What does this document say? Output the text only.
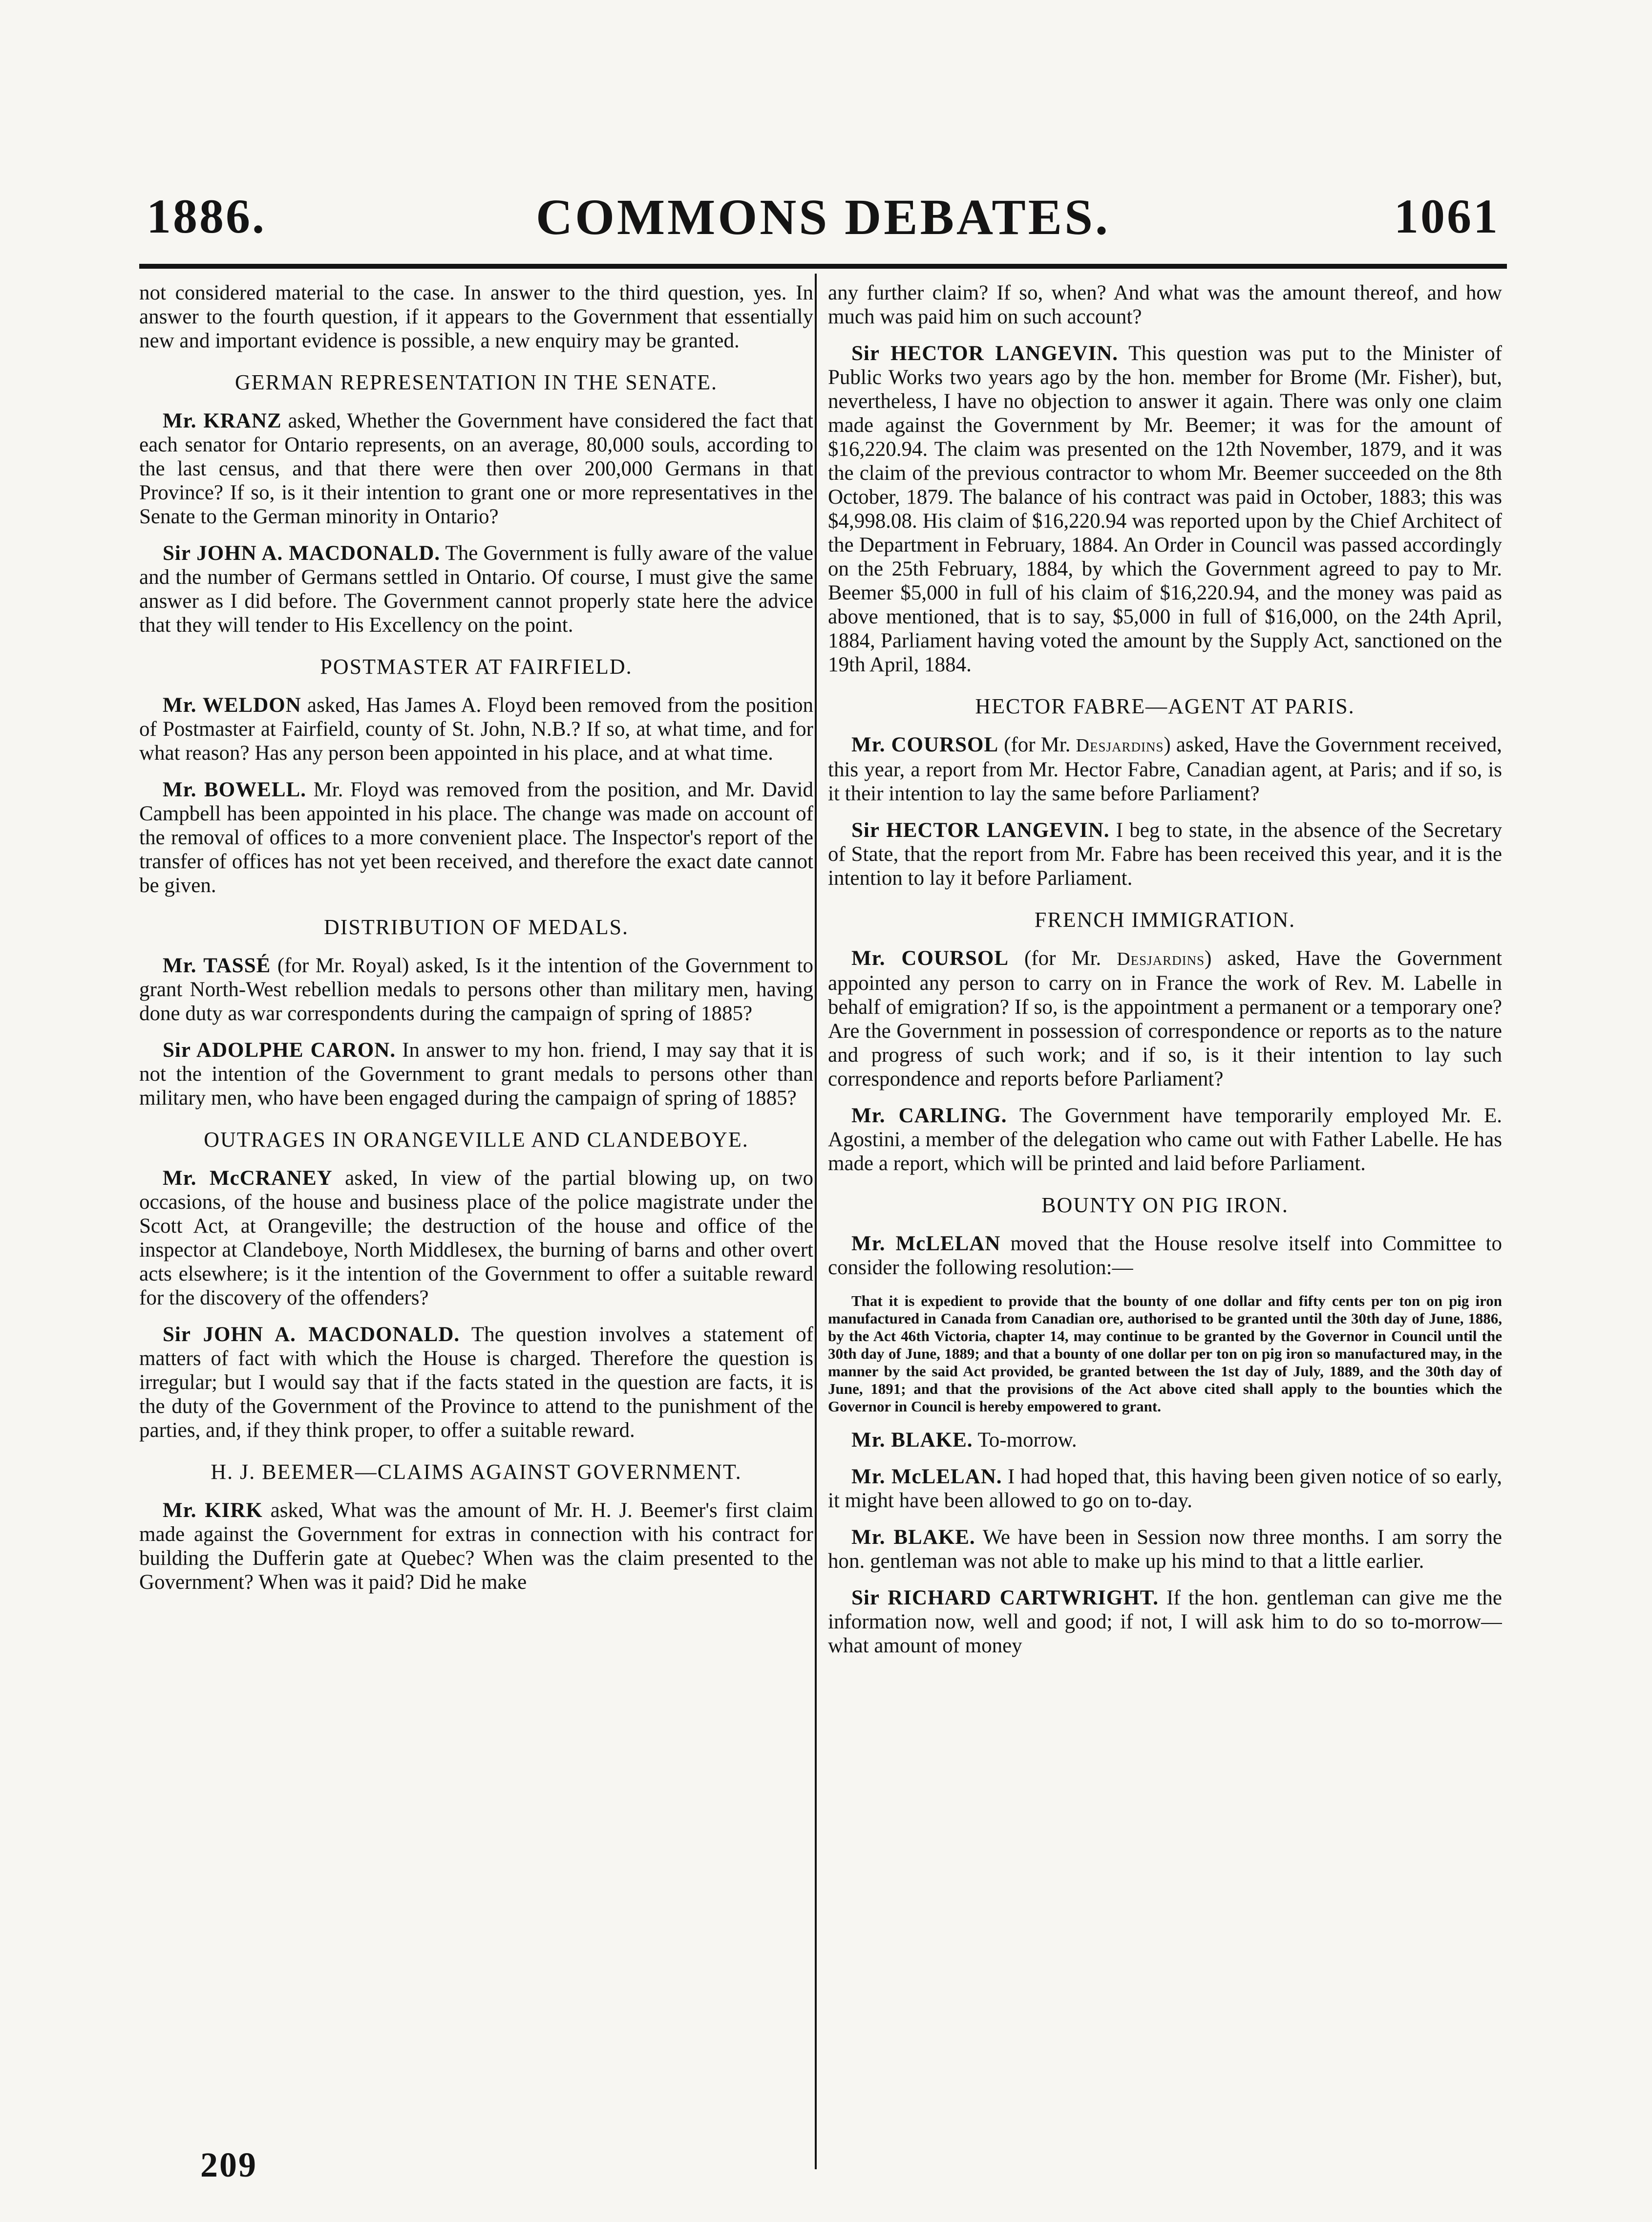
1886.	COMMONS DEBATES.	1061

not considered material to the case. In answer to the third question, yes. In answer to the fourth question, if it appears to the Government that essentially new and important evidence is possible, a new enquiry may be granted.

GERMAN REPRESENTATION IN THE SENATE.

Mr. KRANZ asked, Whether the Government have considered the fact that each senator for Ontario represents, on an average, 80,000 souls, according to the last census, and that there were then over 200,000 Germans in that Province? If so, is it their intention to grant one or more representatives in the Senate to the German minority in Ontario?

Sir JOHN A. MACDONALD. The Government is fully aware of the value and the number of Germans settled in Ontario. Of course, I must give the same answer as I did before. The Government cannot properly state here the advice that they will tender to His Excellency on the point.

POSTMASTER AT FAIRFIELD.

Mr. WELDON asked, Has James A. Floyd been removed from the position of Postmaster at Fairfield, county of St. John, N.B.? If so, at what time, and for what reason? Has any person been appointed in his place, and at what time.

Mr. BOWELL. Mr. Floyd was removed from the position, and Mr. David Campbell has been appointed in his place. The change was made on account of the removal of offices to a more convenient place. The Inspector's report of the transfer of offices has not yet been received, and therefore the exact date cannot be given.

DISTRIBUTION OF MEDALS.

Mr. TASSÉ (for Mr. Royal) asked, Is it the intention of the Government to grant North-West rebellion medals to persons other than military men, having done duty as war correspondents during the campaign of spring of 1885?

Sir ADOLPHE CARON. In answer to my hon. friend, I may say that it is not the intention of the Government to grant medals to persons other than military men, who have been engaged during the campaign of spring of 1885?

OUTRAGES IN ORANGEVILLE AND CLANDEBOYE.

Mr. McCRANEY asked, In view of the partial blowing up, on two occasions, of the house and business place of the police magistrate under the Scott Act, at Orangeville; the destruction of the house and office of the inspector at Clandeboye, North Middlesex, the burning of barns and other overt acts elsewhere; is it the intention of the Government to offer a suitable reward for the discovery of the offenders?

Sir JOHN A. MACDONALD. The question involves a statement of matters of fact with which the House is charged. Therefore the question is irregular; but I would say that if the facts stated in the question are facts, it is the duty of the Government of the Province to attend to the punishment of the parties, and, if they think proper, to offer a suitable reward.

H. J. BEEMER—CLAIMS AGAINST GOVERNMENT.

Mr. KIRK asked, What was the amount of Mr. H. J. Beemer's first claim made against the Government for extras in connection with his contract for building the Dufferin gate at Quebec? When was the claim presented to the Government? When was it paid? Did he make

any further claim? If so, when? And what was the amount thereof, and how much was paid him on such account?

Sir HECTOR LANGEVIN. This question was put to the Minister of Public Works two years ago by the hon. member for Brome (Mr. Fisher), but, nevertheless, I have no objection to answer it again. There was only one claim made against the Government by Mr. Beemer; it was for the amount of $16,220.94. The claim was presented on the 12th November, 1879, and it was the claim of the previous contractor to whom Mr. Beemer succeeded on the 8th October, 1879. The balance of his contract was paid in October, 1883; this was $4,998.08. His claim of $16,220.94 was reported upon by the Chief Architect of the Department in February, 1884. An Order in Council was passed accordingly on the 25th February, 1884, by which the Government agreed to pay to Mr. Beemer $5,000 in full of his claim of $16,220.94, and the money was paid as above mentioned, that is to say, $5,000 in full of $16,000, on the 24th April, 1884, Parliament having voted the amount by the Supply Act, sanctioned on the 19th April, 1884.

HECTOR FABRE—AGENT AT PARIS.

Mr. COURSOL (for Mr. Desjardins) asked, Have the Government received, this year, a report from Mr. Hector Fabre, Canadian agent, at Paris; and if so, is it their intention to lay the same before Parliament?

Sir HECTOR LANGEVIN. I beg to state, in the absence of the Secretary of State, that the report from Mr. Fabre has been received this year, and it is the intention to lay it before Parliament.

FRENCH IMMIGRATION.

Mr. COURSOL (for Mr. Desjardins) asked, Have the Government appointed any person to carry on in France the work of Rev. M. Labelle in behalf of emigration? If so, is the appointment a permanent or a temporary one? Are the Government in possession of correspondence or reports as to the nature and progress of such work; and if so, is it their intention to lay such correspondence and reports before Parliament?

Mr. CARLING. The Government have temporarily employed Mr. E. Agostini, a member of the delegation who came out with Father Labelle. He has made a report, which will be printed and laid before Parliament.

BOUNTY ON PIG IRON.

Mr. McLELAN moved that the House resolve itself into Committee to consider the following resolution:—

That it is expedient to provide that the bounty of one dollar and fifty cents per ton on pig iron manufactured in Canada from Canadian ore, authorised to be granted until the 30th day of June, 1886, by the Act 46th Victoria, chapter 14, may continue to be granted by the Governor in Council until the 30th day of June, 1889; and that a bounty of one dollar per ton on pig iron so manufactured may, in the manner by the said Act provided, be granted between the 1st day of July, 1889, and the 30th day of June, 1891; and that the provisions of the Act above cited shall apply to the bounties which the Governor in Council is hereby empowered to grant.

Mr. BLAKE. To-morrow.

Mr. McLELAN. I had hoped that, this having been given notice of so early, it might have been allowed to go on to-day.

Mr. BLAKE. We have been in Session now three months. I am sorry the hon. gentleman was not able to make up his mind to that a little earlier.

Sir RICHARD CARTWRIGHT. If the hon. gentleman can give me the information now, well and good; if not, I will ask him to do so to-morrow—what amount of money

209
